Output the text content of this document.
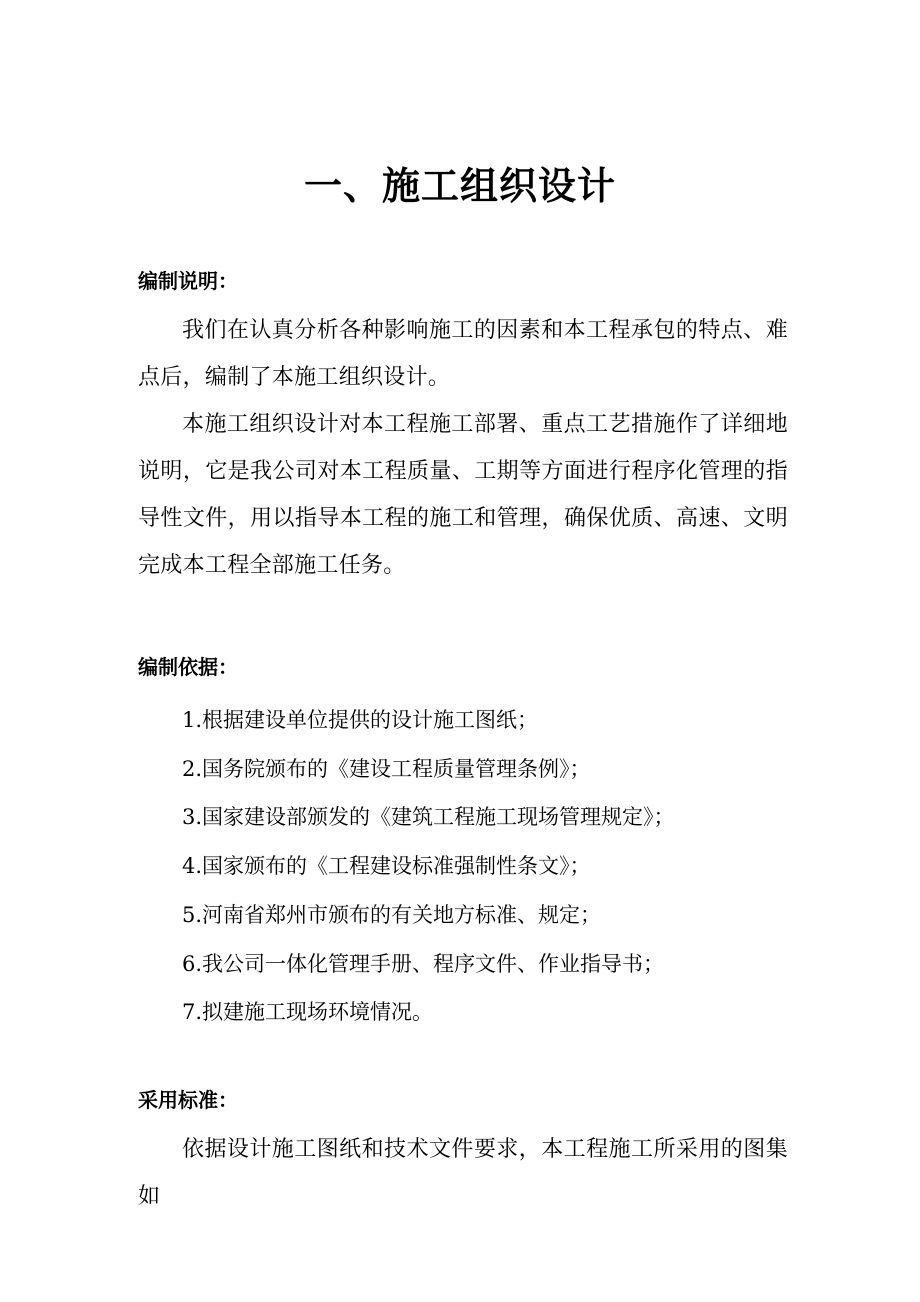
一、施工组织设计
编制说明：

我们在认真分析各种影响施工的因素和本工程承包的特点、难点后，编制了本施工组织设计。

本施工组织设计对本工程施工部署、重点工艺措施作了详细地说明，它是我公司对本工程质量、工期等方面进行程序化管理的指导性文件，用以指导本工程的施工和管理，确保优质、高速、文明完成本工程全部施工任务。

编制依据：
1.根据建设单位提供的设计施工图纸；
2.国务院颁布的《建设工程质量管理条例》；
3.国家建设部颁发的《建筑工程施工现场管理规定》；
4.国家颁布的《工程建设标准强制性条文》；
5.河南省郑州市颁布的有关地方标准、规定；
6.我公司一体化管理手册、程序文件、作业指导书；
7.拟建施工现场环境情况。
采用标准：

依据设计施工图纸和技术文件要求，本工程施工所采用的图集如
